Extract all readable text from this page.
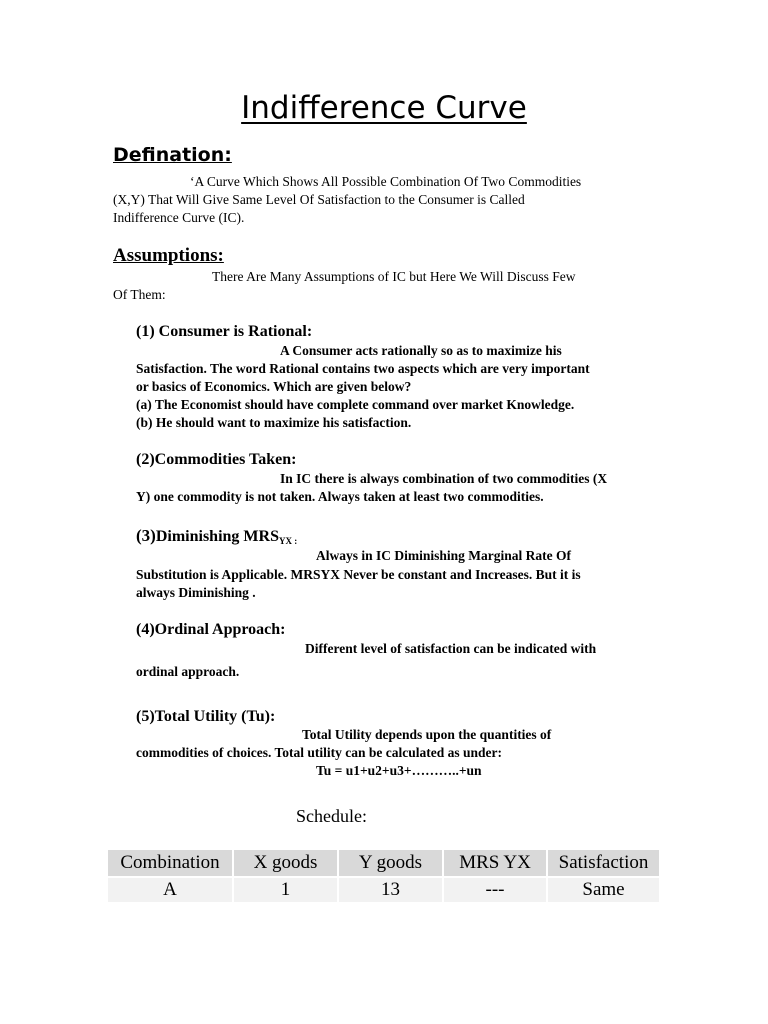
Indifference Curve
Defination:
‘A Curve Which Shows All Possible Combination Of Two Commodities
(X,Y) That Will Give Same Level Of Satisfaction to the Consumer is Called
Indifference Curve (IC).
Assumptions:
There Are Many Assumptions of IC but Here We Will Discuss Few
Of Them:
(1) Consumer is Rational:
A Consumer acts rationally so as to maximize his
Satisfaction. The word Rational contains two aspects which are very important
or basics of Economics. Which are given below?
(a) The Economist should have complete command over market Knowledge.
(b) He should want to maximize his satisfaction.
(2)Commodities Taken:
In IC there is always combination of two commodities (X
Y) one commodity is not taken. Always taken at least two commodities.
(3)Diminishing $MRS_{YX :}$
Always in IC Diminishing Marginal Rate Of
Substitution is Applicable. MRSYX Never be constant and Increases. But it is
always Diminishing .
(4)Ordinal Approach:
Different level of satisfaction can be indicated with
ordinal approach.
(5)Total Utility (Tu):
Total Utility depends upon the quantities of
commodities of choices. Total utility can be calculated as under:
Tu = u1+u2+u3+………..+un
Schedule:
Combination	X goods	Y goods	MRS YX	Satisfaction
A	1	13	---	Same
